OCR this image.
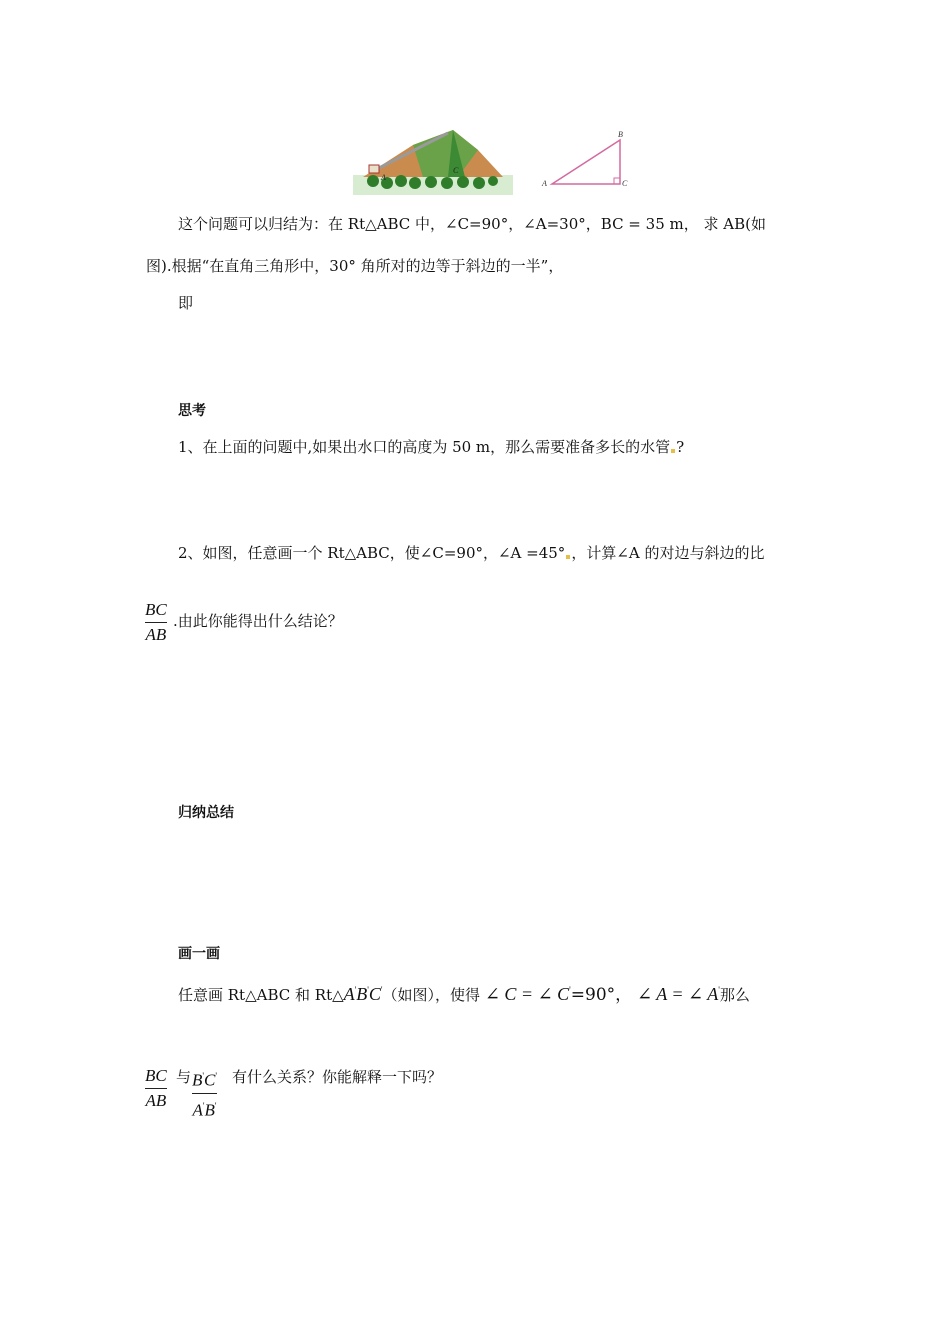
A
C
A
B
C
这个问题可以归结为：在 Rt△ABC 中，∠C=90°，∠A=30°，BC = 35 m， 求 AB(如
图).根据“在直角三角形中，30° 角所对的边等于斜边的一半”，
即
思考
1、在上面的问题中,如果出水口的高度为 50 m，那么需要准备多长的水管 ?
2、如图，任意画一个 Rt△ABC，使∠C=90°，∠A =45° ，计算∠A 的对边与斜边的比
BC
AB
.由此你能得出什么结论？
归纳总结
画一画
任意画 Rt△ABC 和 Rt△A'B'C'（如图），使得 ∠ C = ∠ C'=90°， ∠ A = ∠ A'那么
BC
AB
与 B'C'
A'B'
有什么关系？你能解释一下吗？
